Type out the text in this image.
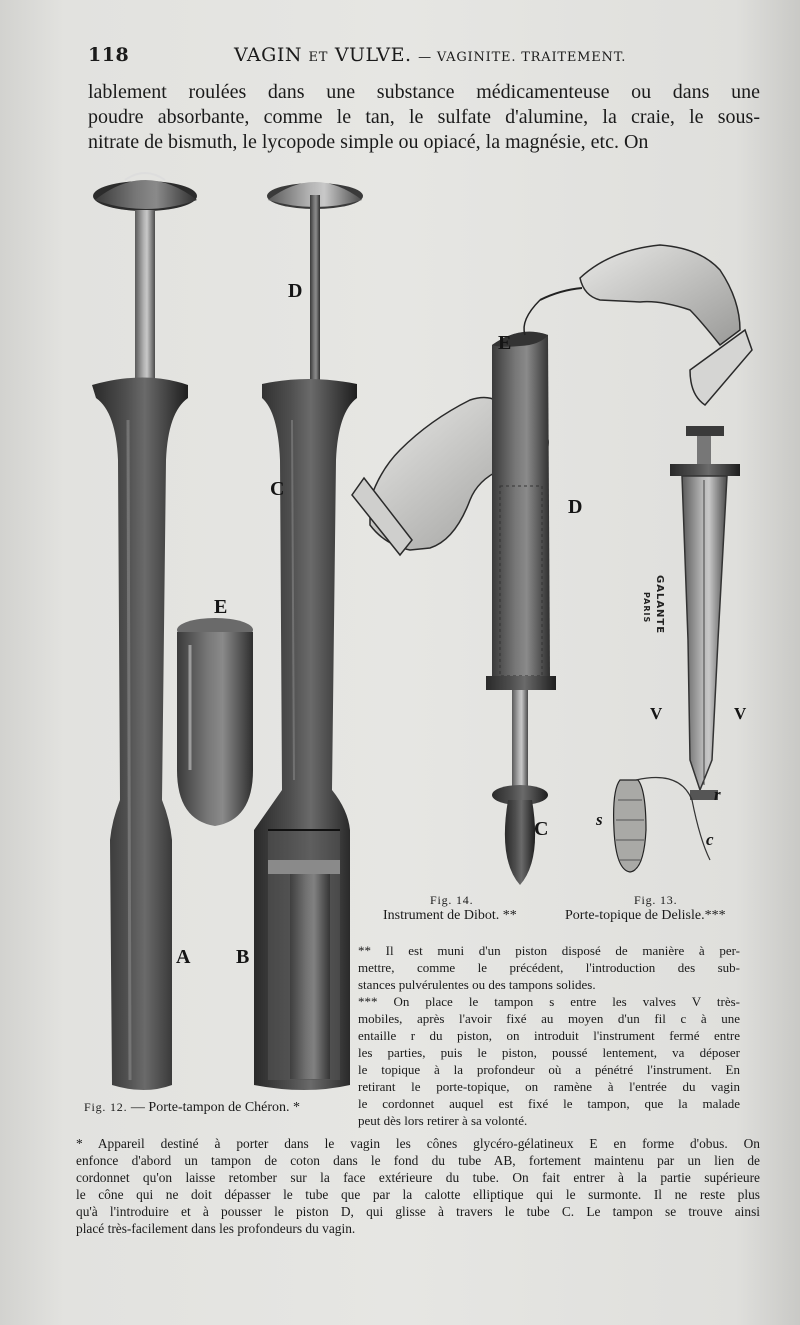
118	VAGIN ET VULVE. — VAGINITE. TRAITEMENT.
lablement roulées dans une substance médicamenteuse ou dans une
poudre absorbante, comme le tan, le sulfate d'alumine, la craie, le sous-
nitrate de bismuth, le lycopode simple ou opiacé, la magnésie, etc. On
A B
C
D
E
E
D
C
V	V
r
s
c
GALANTE
PARIS
Fig. 12. — Porte-tampon de Chéron. *
Fig. 14.
Instrument de Dibot. **
Fig. 13.
Porte-topique de Delisle.***
** Il est muni d'un piston disposé de manière à per-
mettre, comme le précédent, l'introduction des sub-
stances pulvérulentes ou des tampons solides.
*** On place le tampon s entre les valves V très-
mobiles, après l'avoir fixé au moyen d'un fil c à une
entaille r du piston, on introduit l'instrument fermé entre
les parties, puis le piston, poussé lentement, va déposer
le topique à la profondeur où a pénétré l'instrument. En
retirant le porte-topique, on ramène à l'entrée du vagin
le cordonnet auquel est fixé le tampon, que la malade
peut dès lors retirer à sa volonté.
* Appareil destiné à porter dans le vagin les cônes glycéro-gélatineux E en forme d'obus. On
enfonce d'abord un tampon de coton dans le fond du tube AB, fortement maintenu par un lien de
cordonnet qu'on laisse retomber sur la face extérieure du tube. On fait entrer à la partie supérieure
le cône qui ne doit dépasser le tube que par la calotte elliptique qui le surmonte. Il ne reste plus
qu'à l'introduire et à pousser le piston D, qui glisse à travers le tube C. Le tampon se trouve ainsi
placé très-facilement dans les profondeurs du vagin.
